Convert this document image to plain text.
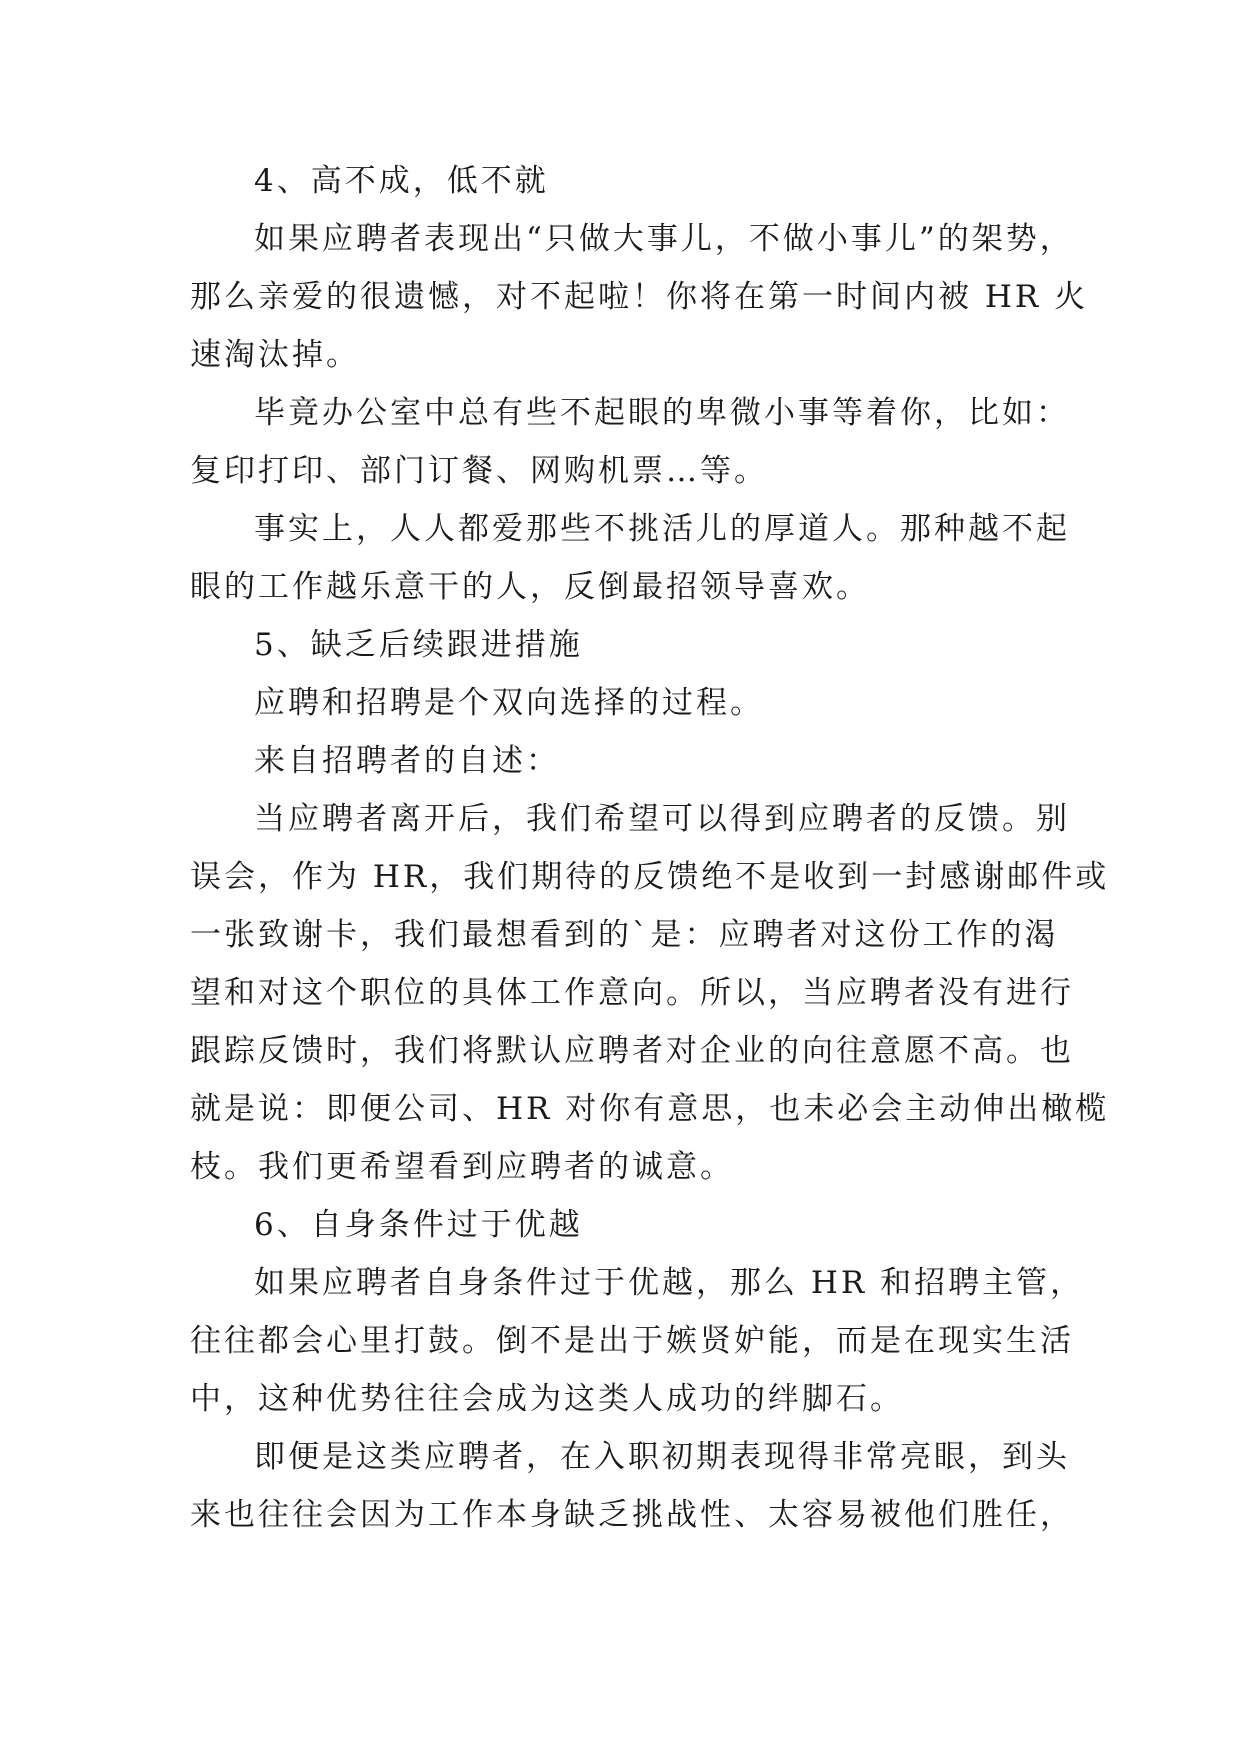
4、高不成，低不就
如果应聘者表现出“只做大事儿，不做小事儿”的架势，
那么亲爱的很遗憾，对不起啦！你将在第一时间内被 HR 火
速淘汰掉。
毕竟办公室中总有些不起眼的卑微小事等着你，比如：
复印打印、部门订餐、网购机票…等。
事实上，人人都爱那些不挑活儿的厚道人。那种越不起
眼的工作越乐意干的人，反倒最招领导喜欢。
5、缺乏后续跟进措施
应聘和招聘是个双向选择的过程。
来自招聘者的自述：
当应聘者离开后，我们希望可以得到应聘者的反馈。别
误会，作为 HR，我们期待的反馈绝不是收到一封感谢邮件或
一张致谢卡，我们最想看到的`是：应聘者对这份工作的渴
望和对这个职位的具体工作意向。所以，当应聘者没有进行
跟踪反馈时，我们将默认应聘者对企业的向往意愿不高。也
就是说：即便公司、HR 对你有意思，也未必会主动伸出橄榄
枝。我们更希望看到应聘者的诚意。
6、自身条件过于优越
如果应聘者自身条件过于优越，那么 HR 和招聘主管，
往往都会心里打鼓。倒不是出于嫉贤妒能，而是在现实生活
中，这种优势往往会成为这类人成功的绊脚石。
即便是这类应聘者，在入职初期表现得非常亮眼，到头
来也往往会因为工作本身缺乏挑战性、太容易被他们胜任，
